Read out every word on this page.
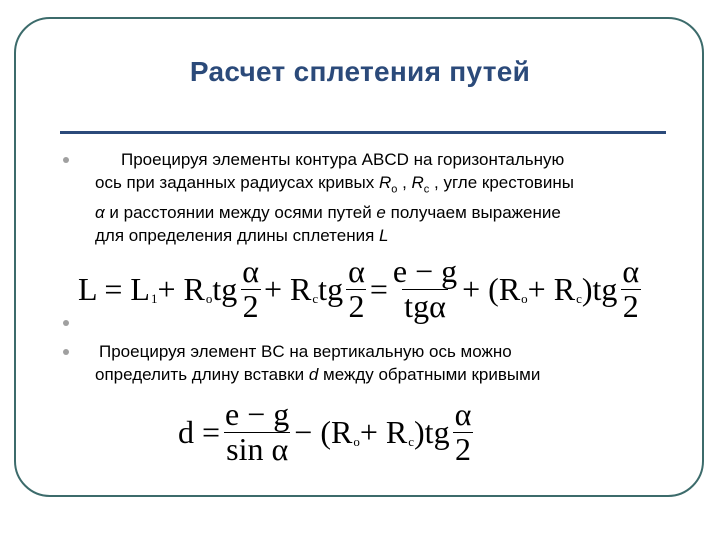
Расчет сплетения путей
Проецируя элементы контура ABCD на горизонтальную
ось при заданных радиусах кривых $R_о$ , $R_с$ , угле крестовины
α и расстоянии между осями путей e получаем выражение
для определения длины сплетения L
L = L 1 + R о tg $\frac{\alpha}{2} + R$ с tg $\frac{\alpha}{2} = \frac{e - g}{\text{tgα}} + (R$ о + R с )$tg \frac{\alpha}{2}$
Проецируя элемент BC на вертикальную ось можно
определить длину вставки d между обратными кривыми
$d = \frac{e - g}{\text{sin α}} - (R$ о + R с )$tg \frac{\alpha}{2}$
